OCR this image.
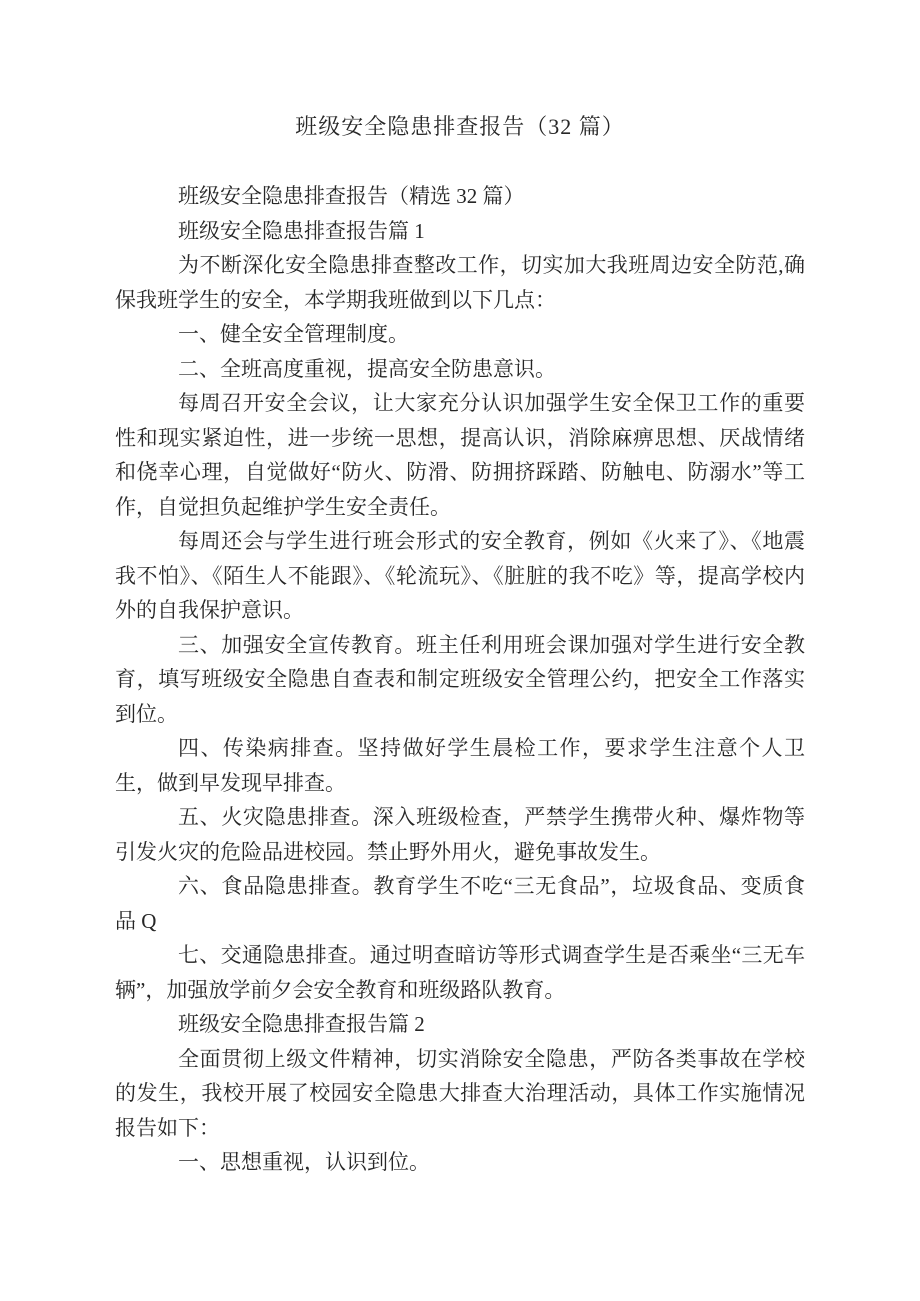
班级安全隐患排查报告（32 篇）

班级安全隐患排查报告（精选 32 篇）

班级安全隐患排查报告篇 1

为不断深化安全隐患排查整改工作，切实加大我班周边安全防范,确保我班学生的安全，本学期我班做到以下几点：

一、健全安全管理制度。

二、全班高度重视，提高安全防患意识。

每周召开安全会议，让大家充分认识加强学生安全保卫工作的重要性和现实紧迫性，进一步统一思想，提高认识，消除麻痹思想、厌战情绪和侥幸心理，自觉做好“防火、防滑、防拥挤踩踏、防触电、防溺水”等工作，自觉担负起维护学生安全责任。

每周还会与学生进行班会形式的安全教育，例如《火来了》、《地震我不怕》、《陌生人不能跟》、《轮流玩》、《脏脏的我不吃》等，提高学校内外的自我保护意识。

三、加强安全宣传教育。班主任利用班会课加强对学生进行安全教育，填写班级安全隐患自查表和制定班级安全管理公约，把安全工作落实到位。

四、传染病排查。坚持做好学生晨检工作，要求学生注意个人卫生，做到早发现早排查。

五、火灾隐患排查。深入班级检查，严禁学生携带火种、爆炸物等引发火灾的危险品进校园。禁止野外用火，避免事故发生。

六、食品隐患排查。教育学生不吃“三无食品”，垃圾食品、变质食品 Q

七、交通隐患排查。通过明查暗访等形式调查学生是否乘坐“三无车辆”，加强放学前夕会安全教育和班级路队教育。

班级安全隐患排查报告篇 2

全面贯彻上级文件精神，切实消除安全隐患，严防各类事故在学校的发生，我校开展了校园安全隐患大排查大治理活动，具体工作实施情况报告如下：

一、思想重视，认识到位。
